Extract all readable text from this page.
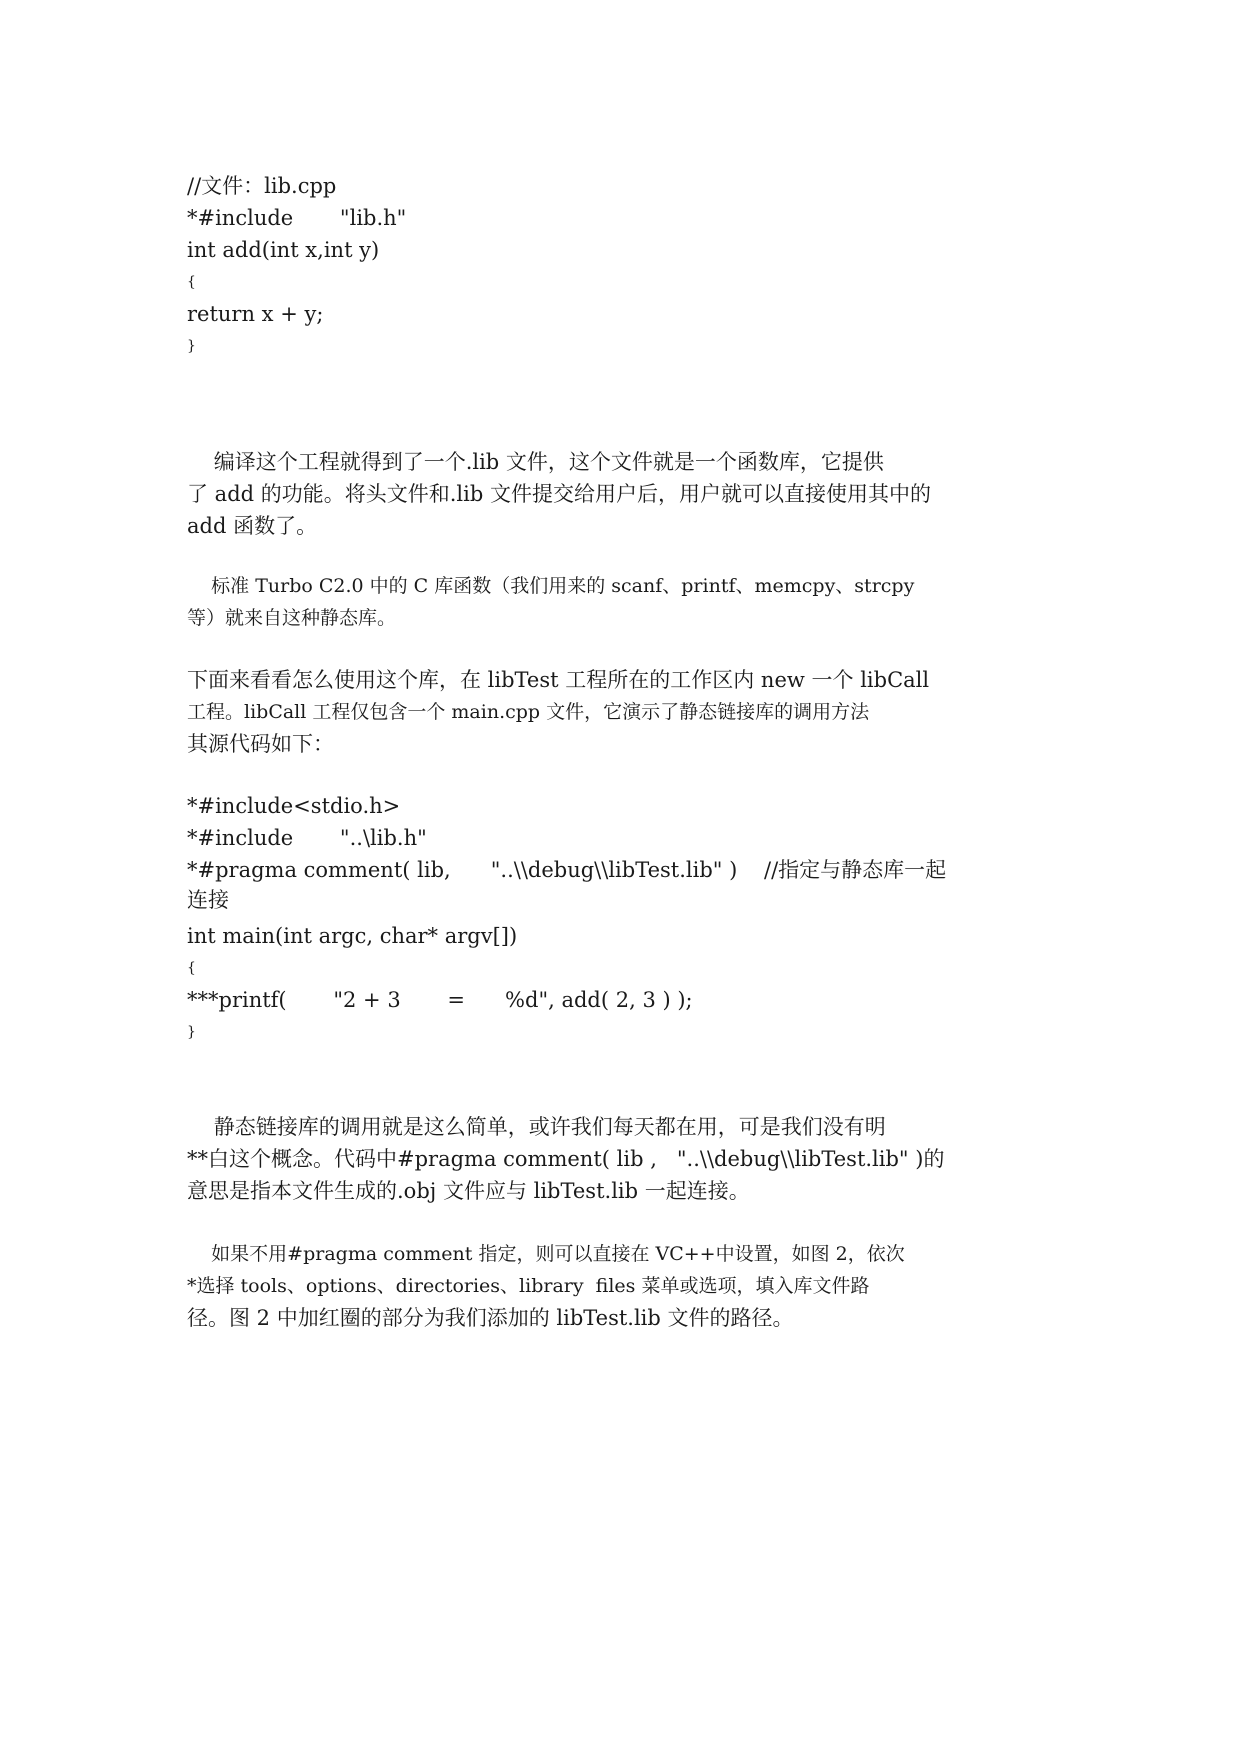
//文件：lib.cpp
*#include       "lib.h"
int add(int x,int y)
{
return x + y;
}
编译这个工程就得到了一个.lib 文件，这个文件就是一个函数库，它提供
了 add 的功能。将头文件和.lib 文件提交给用户后，用户就可以直接使用其中的
add 函数了。
标准 Turbo C2.0 中的 C 库函数（我们用来的 scanf、printf、memcpy、strcpy
等）就来自这种静态库。
下面来看看怎么使用这个库，在 libTest 工程所在的工作区内 new 一个 libCall
工程。libCall 工程仅包含一个 main.cpp 文件，它演示了静态链接库的调用方法
其源代码如下：
*#include<stdio.h>
*#include       "..\lib.h"
*#pragma comment( lib,      "..\\debug\\libTest.lib" )    //指定与静态库一起
连接
int main(int argc, char* argv[])
{
***printf(       "2 + 3       =      %d", add( 2, 3 ) );
}
静态链接库的调用就是这么简单，或许我们每天都在用，可是我们没有明
**白这个概念。代码中#pragma comment( lib ,   "..\\debug\\libTest.lib" )的
意思是指本文件生成的.obj 文件应与 libTest.lib 一起连接。
如果不用#pragma comment 指定，则可以直接在 VC++中设置，如图 2，依次
*选择 tools、options、directories、library  files 菜单或选项，填入库文件路
径。图 2 中加红圈的部分为我们添加的 libTest.lib 文件的路径。
